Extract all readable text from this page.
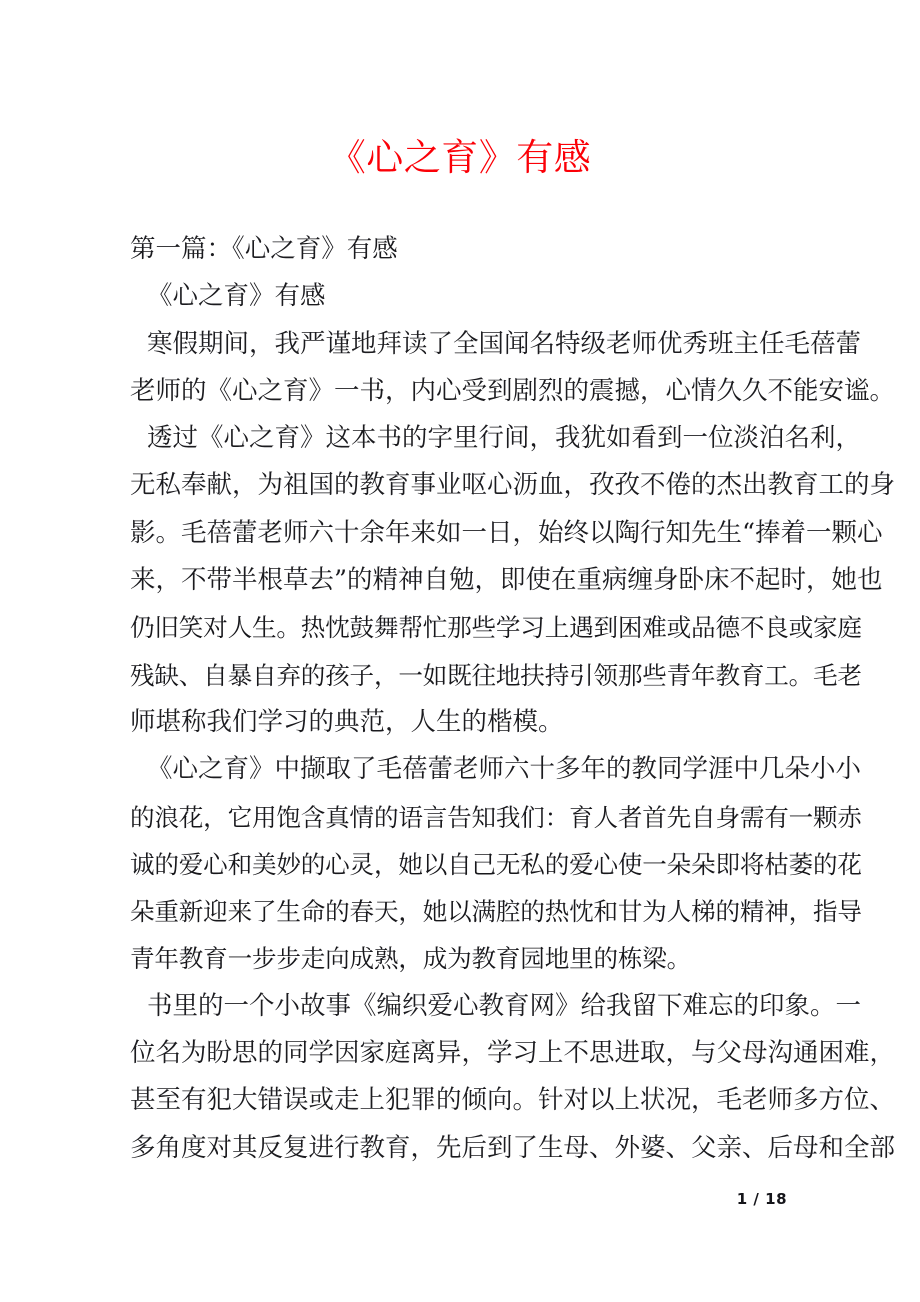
《心之育》有感
第一篇：《心之育》有感
《心之育》有感
寒假期间，我严谨地拜读了全国闻名特级老师优秀班主任毛蓓蕾
老师的《心之育》一书，内心受到剧烈的震撼，心情久久不能安谧。
透过《心之育》这本书的字里行间，我犹如看到一位淡泊名利，
无私奉献，为祖国的教育事业呕心沥血，孜孜不倦的杰出教育工的身
影。毛蓓蕾老师六十余年来如一日，始终以陶行知先生“捧着一颗心
来，不带半根草去”的精神自勉，即使在重病缠身卧床不起时，她也
仍旧笑对人生。热忱鼓舞帮忙那些学习上遇到困难或品德不良或家庭
残缺、自暴自弃的孩子，一如既往地扶持引领那些青年教育工。毛老
师堪称我们学习的典范，人生的楷模。
《心之育》中撷取了毛蓓蕾老师六十多年的教同学涯中几朵小小
的浪花，它用饱含真情的语言告知我们：育人者首先自身需有一颗赤
诚的爱心和美妙的心灵，她以自己无私的爱心使一朵朵即将枯萎的花
朵重新迎来了生命的春天，她以满腔的热忱和甘为人梯的精神，指导
青年教育一步步走向成熟，成为教育园地里的栋梁。
书里的一个小故事《编织爱心教育网》给我留下难忘的印象。一
位名为盼思的同学因家庭离异，学习上不思进取，与父母沟通困难，
甚至有犯大错误或走上犯罪的倾向。针对以上状况，毛老师多方位、
多角度对其反复进行教育，先后到了生母、外婆、父亲、后母和全部
1 / 18
